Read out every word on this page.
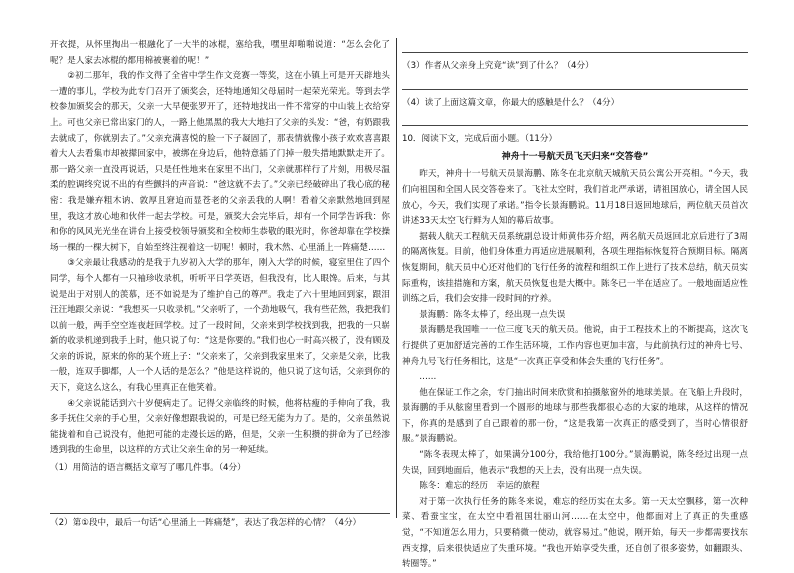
开衣提，从怀里掏出一根融化了一大半的冰棍，塞给我，嘿里却啪啪说道：“怎么会化了呢？是人家去冰棍的都用棉被裹着的呢！”

②初二那年，我的作文得了全省中学生作文竞赛一等奖，这在小镇上可是开天辟地头一遭的事儿，学校为此专门召开了颁奖会，还特地通知父母届时一起荣光荣光。等到去学校参加颁奖会的那天，父亲一大早便张罗开了，还特地找出一件不常穿的中山装上衣给穿上。可也父亲已常出家门的人，一路上他黑黑的我大大地扫了父亲的头发：“爸，有奶跟我去就成了，你就别去了。”父亲充满喜悦的脸一下子凝固了，那表情就像小孩子欢欢喜喜跟着大人去看集市却被撵回家中，被绑在身边后，他特意插了门掉一般失措地默默走开了。那一路父亲一直没再说话，只是任性地来在家里不出门，父亲就那样行了片刻，用极尽温柔的腔调终究说不出的有些颤抖的声音说：“爸这就不去了。”父亲已经破碎出了我心底的秘密：我是嫌弃粗木讷、敦厚且窘迫而显苍老的父亲丢我的人啊！看着父亲默然地回到屋里，我这才放心地和伙伴一起去学校。可是，颁奖大会完毕后，却有一个同学告诉我：你和你的风风光光坐在讲台上接受校领导颁奖和全校师生恭敬的眼光时，你爸却靠在学校操场一棵的一棵大树下，自始至终注视着这一切呢！顿时，我木然、心里涌上一阵痛楚……

③父亲最让我感动的是我于九岁初入大学的那年，刚入大学的时候，寝室里住了四个同学，每个人都有一只袖珍收录机，听听平日学英语，但我没有，比人眼馋。后来，与其说是出于对别人的羡慕，还不如说是为了维护自己的尊严。我走了六十里地回到家，跟泪汪汪地跟父亲说：“我想买一只收录机。”父亲听了，一个劲地吸气，我有些茫然，我把我们以前一般，两手空空连夜赶回学校。过了一段时间，父亲来到学校找到我，把我的一只崭新的收录机递到我手上时，他只说了句：“这是你要的。”我们也心一时高兴极了，没有顾及父亲的诉说，原来的你的某个班上子：“父亲来了，父亲到我家里来了，父亲是父亲，比我一般，连双手脚都，人一个人话的是怎么？”他是这样说的，他只说了这句话，父亲到你的天下，竟这么这么，有我心里真正在他笑着。

④父亲说能话到六十岁便病走了。记得父亲临终的时候，他将枯瘦的手伸向了我，我多手抚住父亲的手心里，父亲好像想跟我说的，可是已经无能为力了。是的，父亲虽然说能拢着和自己说没有，他把可能的走漫长远的路，但是，父亲一生积攒的拼命为了已经渗透到我的生命里，以这样的方式让父亲生命的另一种延续。

（1）用简洁的语言概括文章写了哪几件事。（4分）

（2）第①段中，最后一句话“心里涌上一阵痛楚”，表达了我怎样的心情？（4分）

（3）作者从父亲身上究竟“读”到了什么？（4分）

（4）读了上面这篇文章，你最大的感触是什么？（4分）

10．阅读下文，完成后面小题。（11分）

神舟十一号航天员飞天归来“交答卷”

昨天，神舟十一号航天员景海鹏、陈冬在北京航天城航天员公寓公开亮相。“今天，我们向祖国和全国人民交答卷来了。飞社太空时，我们首北严承诺，请祖国放心，请全国人民放心，今天，我们实现了承诺。”指令长景海鹏说。11月18日返回地球后，两位航天员首次讲述33天太空飞行鲜为人知的幕后故事。

据载人航天工程航天员系统副总设计师黄伟芬介绍，两名航天员返回北京后进行了3周的隔离恢复。目前，他们身体重力再适应进展顺利，各项生理指标恢复符合预期目标。隔离恢复期间，航天员中心还对他们的飞行任务的流程和组织工作上进行了技术总结，航天员实际重构，该挂措施和方案，航天员恢复也是大概中。陈冬已一半在适应了。一般地面适应性训练之后，我们会安排一段时间的疗养。

景海鹏：陈冬太棒了，经出现一点失误

景海鹏是我国唯一一位三度飞天的航天员。他说，由于工程技术上的不断提高，这次飞行提供了更加舒适完善的工作生活环境，工作内容也更加丰富，与此前执行过的神舟七号、神舟九号飞行任务相比，这是“一次真正享受和体会失重的飞行任务”。

……

他在保证工作之余，专门抽出时间来欣赏和拍摄舷窗外的地球美景。在飞船上升段时，景海鹏的手从舷窗里看到一个圆形的地球与那些我都很心态的大家的地球，从这样的情况下，你真的是感到了自己跟着的那一份，“这是我第一次真正的感受到了，当时心情很舒服。”景海鹏说。

“陈冬表现太棒了，如果满分100分，我给他打100分。”景海鹏说，陈冬经过出现一点失误，回到地面后，他表示“我想的天上去，没有出现一点失误。

陈冬：难忘的经历　幸运的旅程

对于第一次执行任务的陈冬来说，难忘的经历实在太多。第一天太空飘移，第一次种菜、看蚕宝宝，在太空中看祖国壮丽山河……在太空中，他都面对上了真正的失重感觉，“不知道怎么用力，只要稍微一使动，就容易过。”他说，刚开始，每天一步都需要找东西支撑，后来很快适应了失重环境。“我也开始享受失重，还自创了很多姿势，如翻跟头、转圈等。”
